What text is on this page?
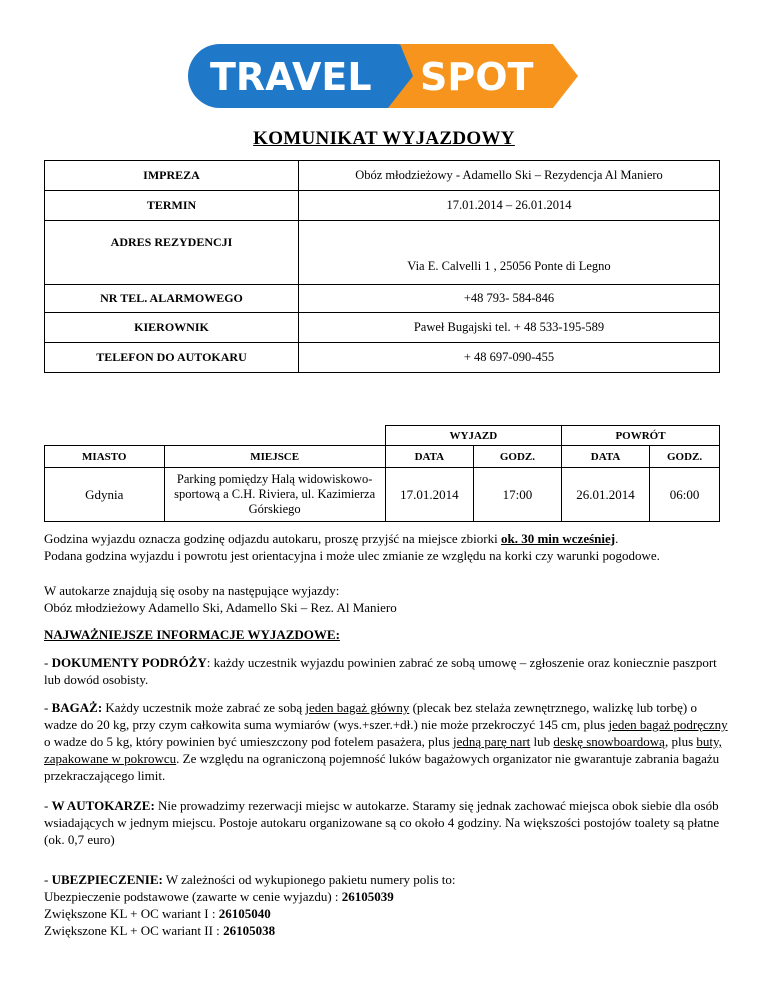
TRAVEL SPOT
KOMUNIKAT WYJAZDOWY
IMPREZA	Obóz młodzieżowy - Adamello Ski – Rezydencja Al Maniero
TERMIN	17.01.2014 – 26.01.2014
ADRES REZYDENCJI	Via E. Calvelli 1 , 25056 Ponte di Legno
NR TEL. ALARMOWEGO	+48 793- 584-846
KIEROWNIK	Paweł Bugajski tel. + 48 533-195-589
TELEFON DO AUTOKARU	+ 48 697-090-455
		WYJAZD		POWRÓT	
MIASTO	MIEJSCE	DATA	GODZ.	DATA	GODZ.
Gdynia	Parking pomiędzy Halą widowiskowo-sportową a C.H. Riviera, ul. Kazimierza Górskiego	17.01.2014	17:00	26.01.2014	06:00
Godzina wyjazdu oznacza godzinę odjazdu autokaru, proszę przyjść na miejsce zbiorki ok. 30 min wcześniej.
Podana godzina wyjazdu i powrotu jest orientacyjna i może ulec zmianie ze względu na korki czy warunki pogodowe.
W autokarze znajdują się osoby na następujące wyjazdy:
Obóz młodzieżowy Adamello Ski, Adamello Ski – Rez. Al Maniero
NAJWAŻNIEJSZE INFORMACJE WYJAZDOWE:
- DOKUMENTY PODRÓŻY: każdy uczestnik wyjazdu powinien zabrać ze sobą umowę – zgłoszenie oraz koniecznie paszport lub dowód osobisty.
- BAGAŻ: Każdy uczestnik może zabrać ze sobą jeden bagaż główny (plecak bez stelaża zewnętrznego, walizkę lub torbę) o wadze do 20 kg, przy czym całkowita suma wymiarów (wys.+szer.+dł.) nie może przekroczyć 145 cm, plus jeden bagaż podręczny o wadze do 5 kg, który powinien być umieszczony pod fotelem pasażera, plus jedną parę nart lub deskę snowboardową, plus buty, zapakowane w pokrowcu. Ze względu na ograniczoną pojemność luków bagażowych organizator nie gwarantuje zabrania bagażu przekraczającego limit.
- W AUTOKARZE: Nie prowadzimy rezerwacji miejsc w autokarze. Staramy się jednak zachować miejsca obok siebie dla osób wsiadających w jednym miejscu. Postoje autokaru organizowane są co około 4 godziny. Na większości postojów toalety są płatne (ok. 0,7 euro)
- UBEZPIECZENIE: W zależności od wykupionego pakietu numery polis to:
Ubezpieczenie podstawowe (zawarte w cenie wyjazdu) : 26105039
Zwiększone KL + OC wariant I : 26105040
Zwiększone KL + OC wariant II : 26105038
